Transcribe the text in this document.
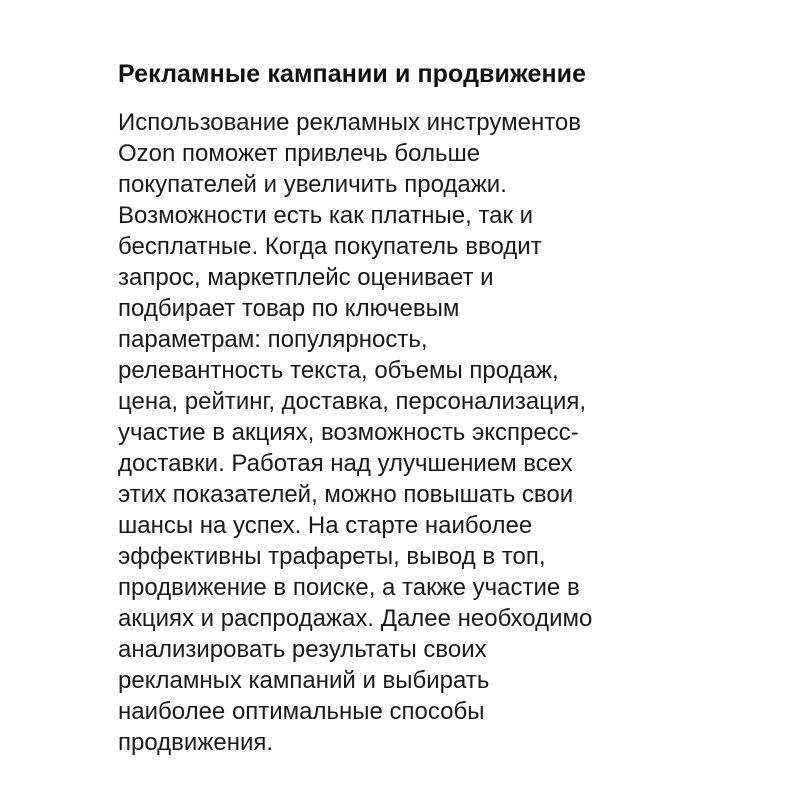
Рекламные кампании и продвижение
Использование рекламных инструментов
Ozon поможет привлечь больше
покупателей и увеличить продажи.
Возможности есть как платные, так и
бесплатные. Когда покупатель вводит
запрос, маркетплейс оценивает и
подбирает товар по ключевым
параметрам: популярность,
релевантность текста, объемы продаж,
цена, рейтинг, доставка, персонализация,
участие в акциях, возможность экспресс-
доставки. Работая над улучшением всех
этих показателей, можно повышать свои
шансы на успех. На старте наиболее
эффективны трафареты, вывод в топ,
продвижение в поиске, а также участие в
акциях и распродажах. Далее необходимо
анализировать результаты своих
рекламных кампаний и выбирать
наиболее оптимальные способы
продвижения.
